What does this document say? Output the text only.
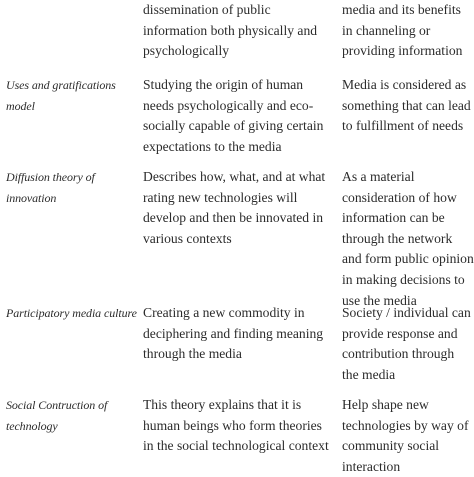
dissemination of public information both physically and psychologically
media and its benefits in channeling or providing information
Uses and gratifications model
Studying the origin of human needs psychologically and eco-socially capable of giving certain expectations to the media
Media is considered as something that can lead to fulfillment of needs
Diffusion theory of innovation
Describes how, what, and at what rating new technologies will develop and then be innovated in various contexts
As a material consideration of how information can be through the network and form public opinion in making decisions to use the media
Participatory media culture Creating a new commodity in deciphering and finding meaning through the media
Society / individual can provide response and contribution through the media
Social Contruction of technology
This theory explains that it is human beings who form theories in the social technological context
Help shape new technologies by way of community social interaction
